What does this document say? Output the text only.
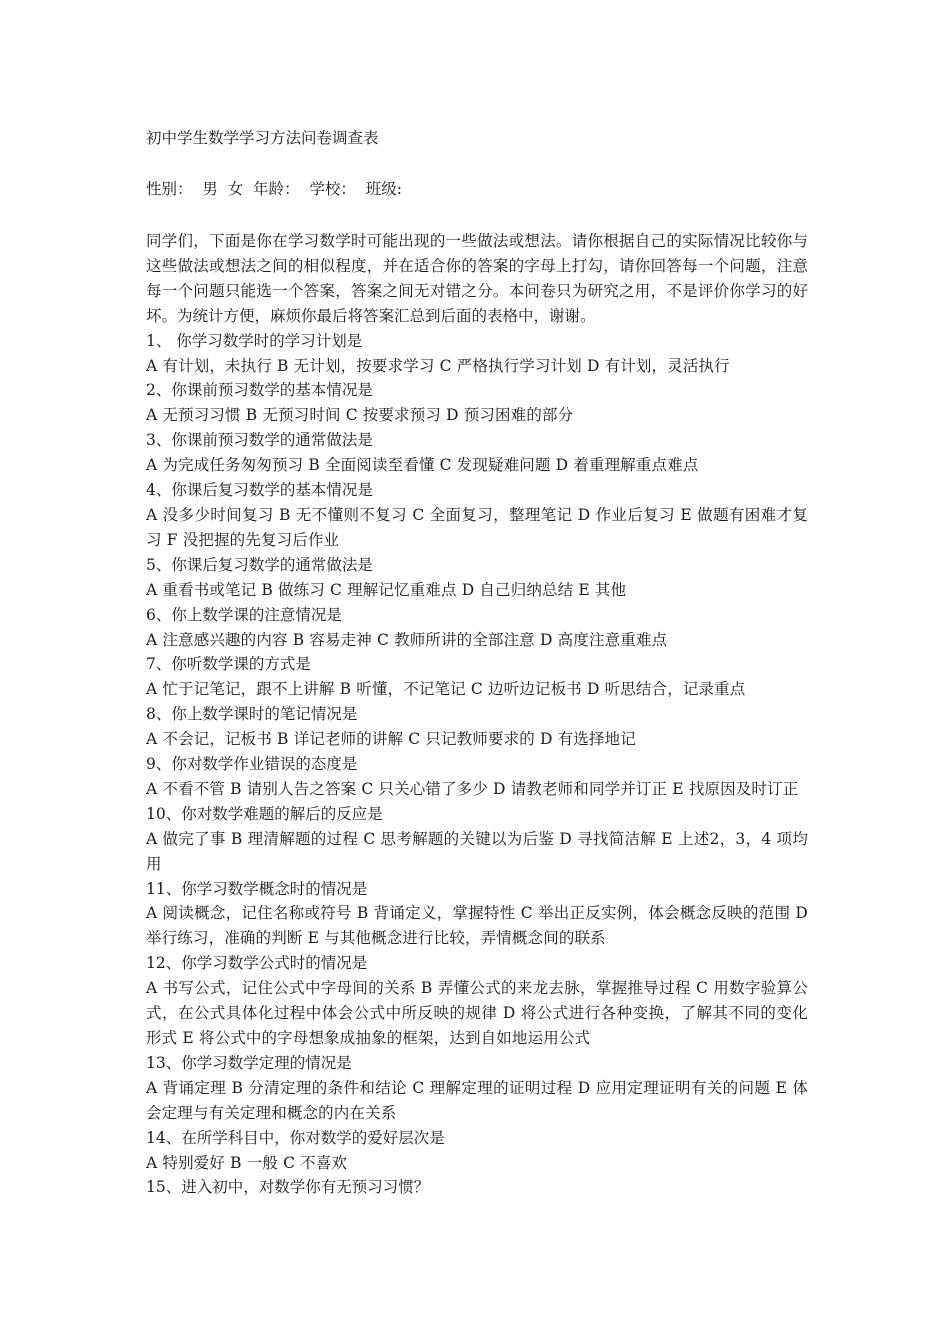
初中学生数学学习方法问卷调查表
性别：  男  女  年龄：  学校：  班级:

同学们，下面是你在学习数学时可能出现的一些做法或想法。请你根据自己的实际情况比较你与这些做法或想法之间的相似程度，并在适合你的答案的字母上打勾，请你回答每一个问题，注意每一个问题只能选一个答案，答案之间无对错之分。本问卷只为研究之用，不是评价你学习的好坏。为统计方便，麻烦你最后将答案汇总到后面的表格中，谢谢。

1、 你学习数学时的学习计划是

A 有计划，未执行 B 无计划，按要求学习 C 严格执行学习计划 D 有计划，灵活执行

2、你课前预习数学的基本情况是

A 无预习习惯 B 无预习时间 C 按要求预习 D 预习困难的部分

3、你课前预习数学的通常做法是

A 为完成任务匆匆预习 B 全面阅读至看懂 C 发现疑难问题 D 着重理解重点难点

4、你课后复习数学的基本情况是

A 没多少时间复习 B 无不懂则不复习 C 全面复习，整理笔记 D 作业后复习 E 做题有困难才复习 F 没把握的先复习后作业

5、你课后复习数学的通常做法是

A 重看书或笔记 B 做练习 C 理解记忆重难点 D 自己归纳总结 E 其他

6、你上数学课的注意情况是

A 注意感兴趣的内容 B 容易走神 C 教师所讲的全部注意 D 高度注意重难点

7、你听数学课的方式是

A 忙于记笔记，跟不上讲解 B 听懂，不记笔记 C 边听边记板书 D 听思结合，记录重点

8、你上数学课时的笔记情况是

A 不会记，记板书 B 详记老师的讲解 C 只记教师要求的 D 有选择地记

9、你对数学作业错误的态度是

A 不看不管 B 请别人告之答案 C 只关心错了多少 D 请教老师和同学并订正 E 找原因及时订正

10、你对数学难题的解后的反应是

A 做完了事 B 理清解题的过程 C 思考解题的关键以为后鉴 D 寻找简洁解 E 上述2，3，4 项均用

11、你学习数学概念时的情况是

A 阅读概念，记住名称或符号 B 背诵定义，掌握特性 C 举出正反实例，体会概念反映的范围 D 举行练习，准确的判断 E 与其他概念进行比较，弄情概念间的联系

12、你学习数学公式时的情况是

A 书写公式，记住公式中字母间的关系 B 弄懂公式的来龙去脉，掌握推导过程 C 用数字验算公式，在公式具体化过程中体会公式中所反映的规律 D 将公式进行各种变换，了解其不同的变化形式 E 将公式中的字母想象成抽象的框架，达到自如地运用公式

13、你学习数学定理的情况是

A 背诵定理 B 分清定理的条件和结论 C 理解定理的证明过程 D 应用定理证明有关的问题 E 体会定理与有关定理和概念的内在关系

14、在所学科目中，你对数学的爱好层次是

A 特别爱好 B 一般 C 不喜欢

15、进入初中，对数学你有无预习习惯？
